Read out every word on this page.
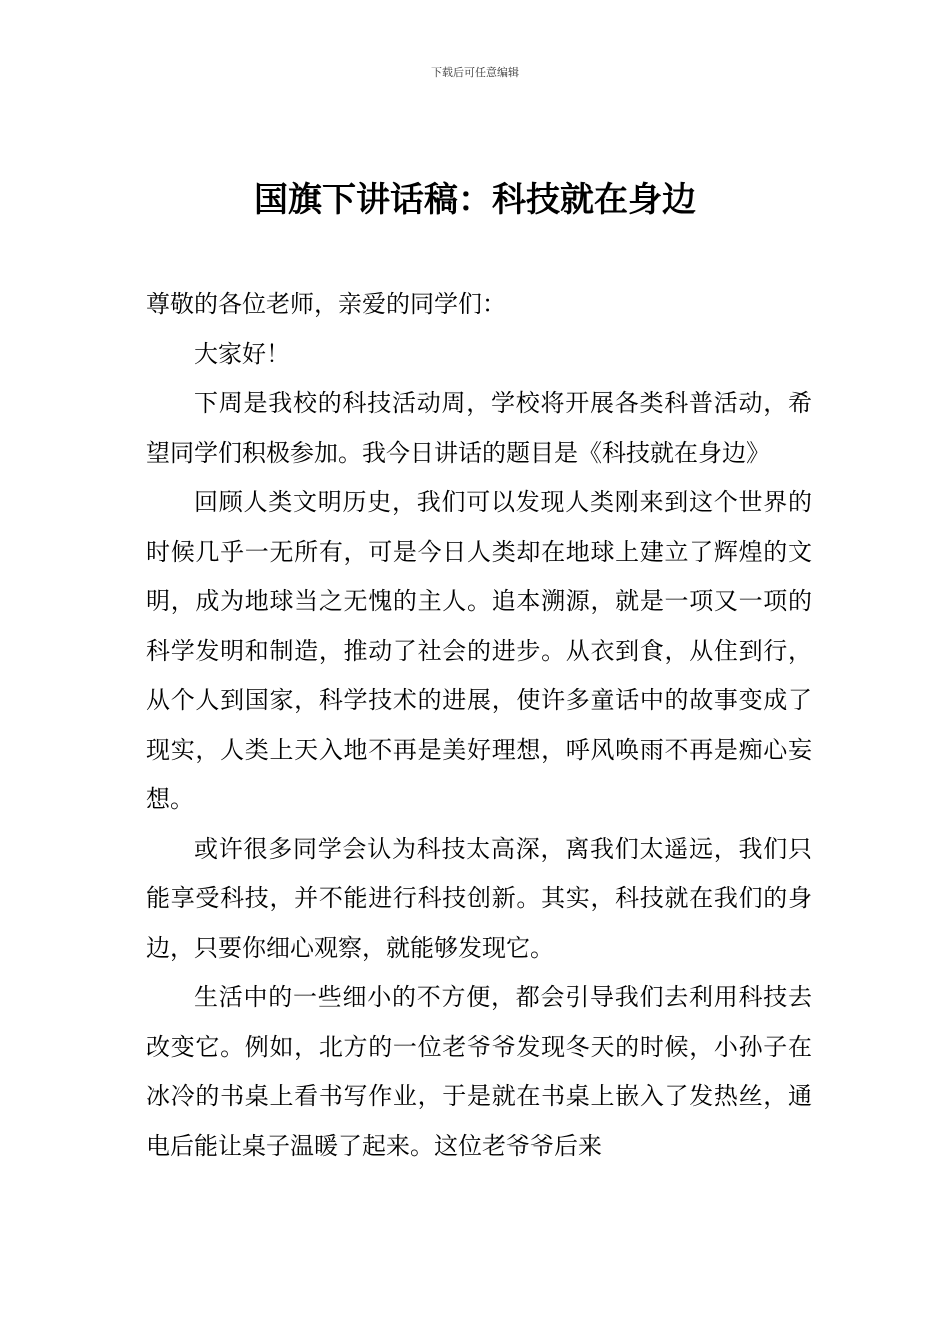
下载后可任意编辑
国旗下讲话稿：科技就在身边

尊敬的各位老师，亲爱的同学们：

大家好！

下周是我校的科技活动周，学校将开展各类科普活动，希望同学们积极参加。我今日讲话的题目是《科技就在身边》

回顾人类文明历史，我们可以发现人类刚来到这个世界的时候几乎一无所有，可是今日人类却在地球上建立了辉煌的文明，成为地球当之无愧的主人。追本溯源，就是一项又一项的科学发明和制造，推动了社会的进步。从衣到食，从住到行，从个人到国家，科学技术的进展，使许多童话中的故事变成了现实，人类上天入地不再是美好理想，呼风唤雨不再是痴心妄想。

或许很多同学会认为科技太高深，离我们太遥远，我们只能享受科技，并不能进行科技创新。其实，科技就在我们的身边，只要你细心观察，就能够发现它。

生活中的一些细小的不方便，都会引导我们去利用科技去改变它。例如，北方的一位老爷爷发现冬天的时候，小孙子在冰冷的书桌上看书写作业，于是就在书桌上嵌入了发热丝，通电后能让桌子温暖了起来。这位老爷爷后来
